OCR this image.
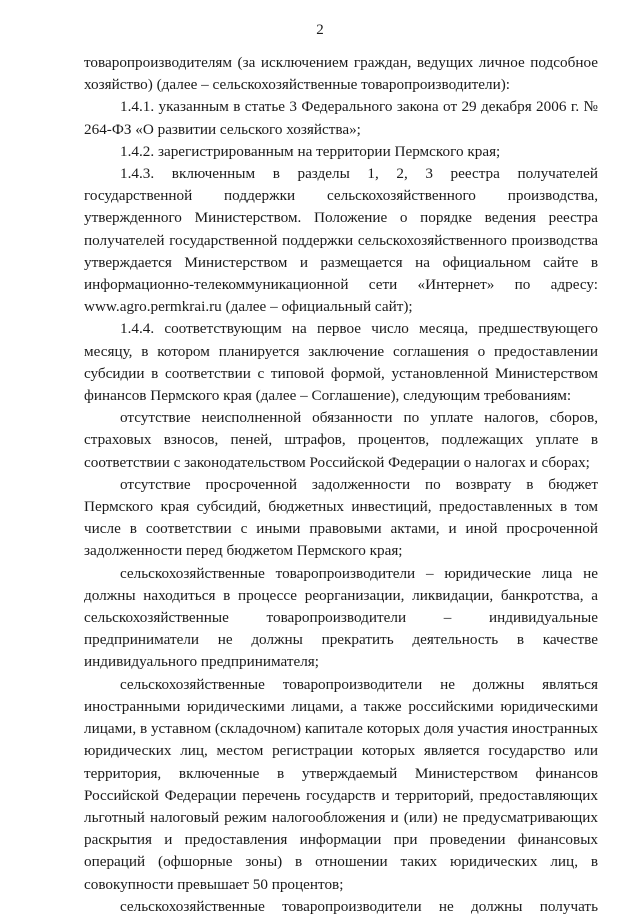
2

товаропроизводителям (за исключением граждан, ведущих личное подсобное хозяйство) (далее – сельскохозяйственные товаропроизводители):

1.4.1. указанным в статье 3 Федерального закона от 29 декабря 2006 г. № 264-ФЗ «О развитии сельского хозяйства»;

1.4.2. зарегистрированным на территории Пермского края;

1.4.3. включенным в разделы 1, 2, 3 реестра получателей государственной поддержки сельскохозяйственного производства, утвержденного Министерством. Положение о порядке ведения реестра получателей государственной поддержки сельскохозяйственного производства утверждается Министерством и размещается на официальном сайте в информационно-телекоммуникационной сети «Интернет» по адресу: www.agro.permkrai.ru (далее – официальный сайт);

1.4.4. соответствующим на первое число месяца, предшествующего месяцу, в котором планируется заключение соглашения о предоставлении субсидии в соответствии с типовой формой, установленной Министерством финансов Пермского края (далее – Соглашение), следующим требованиям:

отсутствие неисполненной обязанности по уплате налогов, сборов, страховых взносов, пеней, штрафов, процентов, подлежащих уплате в соответствии с законодательством Российской Федерации о налогах и сборах;

отсутствие просроченной задолженности по возврату в бюджет Пермского края субсидий, бюджетных инвестиций, предоставленных в том числе в соответствии с иными правовыми актами, и иной просроченной задолженности перед бюджетом Пермского края;

сельскохозяйственные товаропроизводители – юридические лица не должны находиться в процессе реорганизации, ликвидации, банкротства, а сельскохозяйственные товаропроизводители – индивидуальные предприниматели не должны прекратить деятельность в качестве индивидуального предпринимателя;

сельскохозяйственные товаропроизводители не должны являться иностранными юридическими лицами, а также российскими юридическими лицами, в уставном (складочном) капитале которых доля участия иностранных юридических лиц, местом регистрации которых является государство или территория, включенные в утверждаемый Министерством финансов Российской Федерации перечень государств и территорий, предоставляющих льготный налоговый режим налогообложения и (или) не предусматривающих раскрытия и предоставления информации при проведении финансовых операций (офшорные зоны) в отношении таких юридических лиц, в совокупности превышает 50 процентов;

сельскохозяйственные товаропроизводители не должны получать
